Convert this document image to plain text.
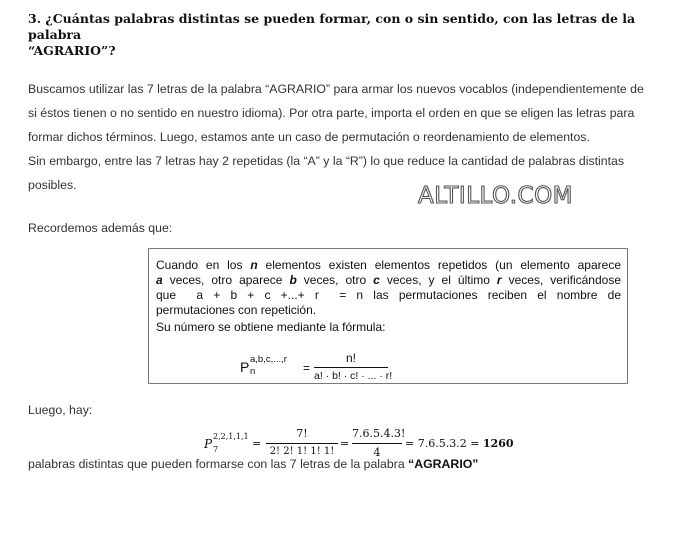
3. ¿Cuántas palabras distintas se pueden formar, con o sin sentido, con las letras de la palabra
“AGRARIO”?
Buscamos utilizar las 7 letras de la palabra “AGRARIO” para armar los nuevos vocablos (independientemente de
si éstos tienen o no sentido en nuestro idioma). Por otra parte, importa el orden en que se eligen las letras para
formar dichos términos. Luego, estamos ante un caso de permutación o reordenamiento de elementos.
Sin embargo, entre las 7 letras hay 2 repetidas (la “A” y la “R”) lo que reduce la cantidad de palabras distintas
posibles.	ALTILLO.COM
Recordemos además que:
Cuando en los n elementos existen elementos repetidos (un elemento aparece
a veces, otro aparece b veces, otro c veces, y el último r veces, verificándose
que    a  +  b  +  c  +...+  r    =  n  las  permutaciones  reciben  el  nombre  de
permutaciones con repetición.
Su número se obtiene mediante la fórmula:
P a,b,c,...,r
n	=
n!
a! · b! · c! · ... · r!
Luego, hay:
P
2,2,1,1,1
7	=
7!
2! 2! 1! 1! 1!
=
7.6.5.4.3!
4
= 7.6.5.3.2 = 1260
palabras distintas que pueden formarse con las 7 letras de la palabra “AGRARIO”
